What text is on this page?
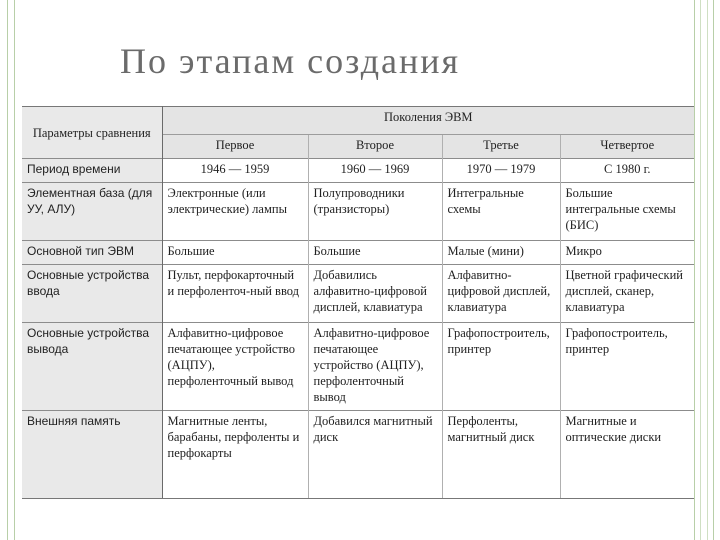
По этапам создания
Параметры сравнения	Поколения ЭВМ			
	Первое	Второе	Третье	Четвертое
Период времени	1946 — 1959	1960 — 1969	1970 — 1979	С 1980 г.
Элементная база (для УУ, АЛУ)	Электронные (или электрические) лампы	Полупроводники (транзисторы)	Интегральные схемы	Большие интегральные схемы (БИС)
Основной тип ЭВМ	Большие	Большие	Малые (мини)	Микро
Основные устройства ввода	Пульт, перфокарточный и перфоленточ-ный ввод	Добавились алфавитно-цифровой дисплей, клавиатура	Алфавитно-цифровой дисплей, клавиатура	Цветной графический дисплей, сканер, клавиатура
Основные устройства вывода	Алфавитно-цифровое печатающее устройство (АЦПУ), перфоленточный вывод	Алфавитно-цифровое печатающее устройство (АЦПУ), перфоленточный вывод	Графопостроитель, принтер	Графопостроитель, принтер
Внешняя память	Магнитные ленты, барабаны, перфоленты и перфокарты	Добавился магнитный диск	Перфоленты, магнитный диск	Магнитные и оптические диски
